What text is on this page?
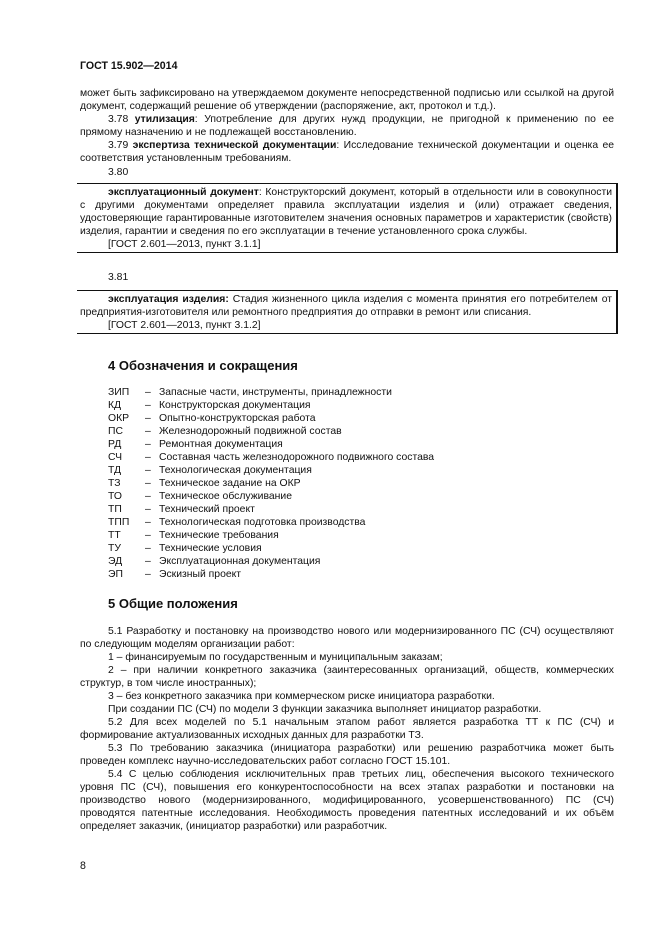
ГОСТ 15.902—2014

может быть зафиксировано на утверждаемом документе непосредственной подписью или ссылкой на другой документ, содержащий решение об утверждении (распоряжение, акт, протокол и т.д.).

3.78 утилизация: Употребление для других нужд продукции, не пригодной к применению по ее прямому назначению и не подлежащей восстановлению.

3.79 экспертиза технической документации: Исследование технической документации и оценка ее соответствия установленным требованиям.

3.80

эксплуатационный документ: Конструкторский документ, который в отдельности или в совокупности с другими документами определяет правила эксплуатации изделия и (или) отражает сведения, удостоверяющие гарантированные изготовителем значения основных параметров и характеристик (свойств) изделия, гарантии и сведения по его эксплуатации в течение установленного срока службы.

[ГОСТ 2.601—2013, пункт 3.1.1]

3.81

эксплуатация изделия: Стадия жизненного цикла изделия с момента принятия его потребителем от предприятия-изготовителя или ремонтного предприятия до отправки в ремонт или списания.

[ГОСТ 2.601—2013, пункт 3.1.2]

4 Обозначения и сокращения
ЗИП	– Запасные части, инструменты, принадлежности
КД	– Конструкторская документация
ОКР	– Опытно-конструкторская работа
ПС	– Железнодорожный подвижной состав
РД	– Ремонтная документация
СЧ	– Составная часть железнодорожного подвижного состава
ТД	– Технологическая документация
ТЗ	– Техническое задание на ОКР
ТО	– Техническое обслуживание
ТП	– Технический проект
ТПП	– Технологическая подготовка производства
ТТ	– Технические требования
ТУ	– Технические условия
ЭД	– Эксплуатационная документация
ЭП	– Эскизный проект
5 Общие положения

5.1 Разработку и постановку на производство нового или модернизированного ПС (СЧ) осуществляют по следующим моделям организации работ:

1 – финансируемым по государственным и муниципальным заказам;

2 – при наличии конкретного заказчика (заинтересованных организаций, обществ, коммерческих структур, в том числе иностранных);

3 – без конкретного заказчика при коммерческом риске инициатора разработки.

При создании ПС (СЧ) по модели 3 функции заказчика выполняет инициатор разработки.

5.2 Для всех моделей по 5.1 начальным этапом работ является разработка ТТ к ПС (СЧ) и формирование актуализованных исходных данных для разработки ТЗ.

5.3 По требованию заказчика (инициатора разработки) или решению разработчика может быть проведен комплекс научно-исследовательских работ согласно ГОСТ 15.101.

5.4 С целью соблюдения исключительных прав третьих лиц, обеспечения высокого технического уровня ПС (СЧ), повышения его конкурентоспособности на всех этапах разработки и постановки на производство нового (модернизированного, модифицированного, усовершенствованного) ПС (СЧ) проводятся патентные исследования. Необходимость проведения патентных исследований и их объём определяет заказчик, (инициатор разработки) или разработчик.

8
